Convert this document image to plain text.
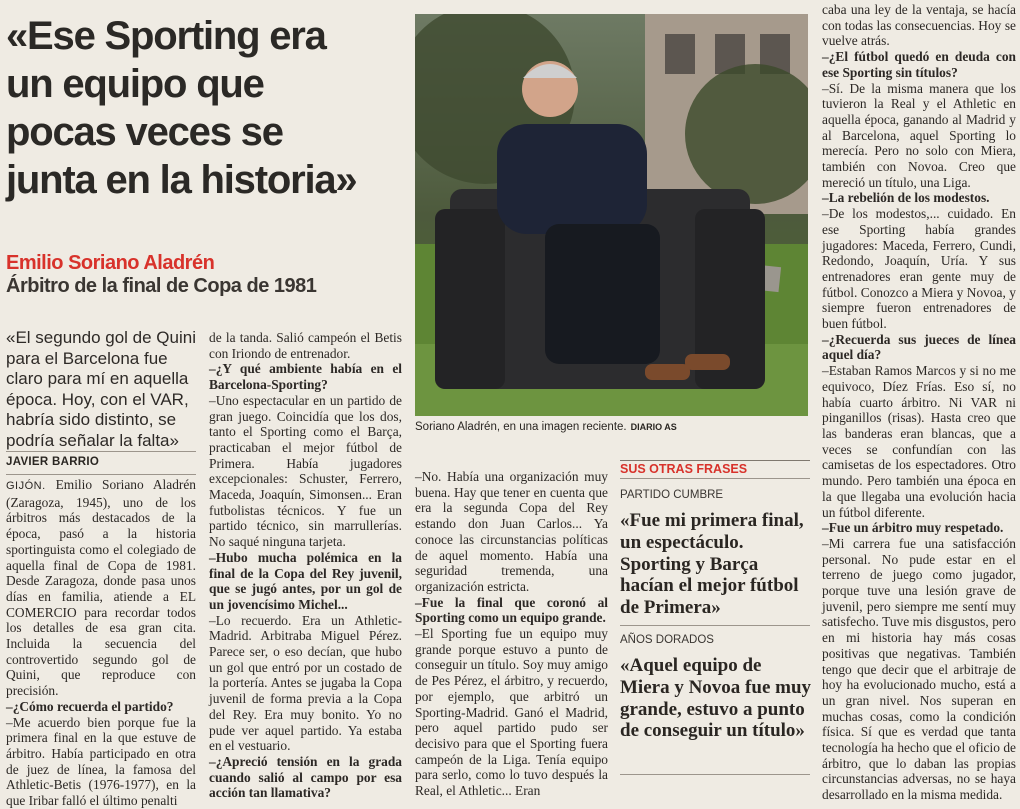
«Ese Sporting era
un equipo que
pocas veces se
junta en la historia»
Emilio Soriano Aladrén
Árbitro de la final de Copa de 1981
«El segundo gol de Quini para el Barcelona fue claro para mí en aquella época. Hoy, con el VAR, habría sido distinto, se podría señalar la falta»
JAVIER BARRIO

GIJÓN. Emilio Soriano Aladrén (Zaragoza, 1945), uno de los árbitros más destacados de la época, pasó a la historia sportinguista como el colegiado de aquella final de Copa de 1981. Desde Zaragoza, donde pasa unos días en familia, atiende a EL COMERCIO para recordar todos los detalles de esa gran cita. Incluida la secuencia del controvertido segundo gol de Quini, que reproduce con precisión.

–¿Cómo recuerda el partido?

–Me acuerdo bien porque fue la primera final en la que estuve de árbitro. Había participado en otra de juez de línea, la famosa del Athletic-Betis (1976-1977), en la que Iribar falló el último penalti

de la tanda. Salió campeón el Betis con Iriondo de entrenador.

–¿Y qué ambiente había en el Barcelona-Sporting?

–Uno espectacular en un partido de gran juego. Coincidía que los dos, tanto el Sporting como el Barça, practicaban el mejor fútbol de Primera. Había jugadores excepcionales: Schuster, Ferrero, Maceda, Joaquín, Simonsen... Eran futbolistas técnicos. Y fue un partido técnico, sin marrullerías. No saqué ninguna tarjeta.

–Hubo mucha polémica en la final de la Copa del Rey juvenil, que se jugó antes, por un gol de un jovencísimo Michel...

–Lo recuerdo. Era un Athletic-Madrid. Arbitraba Miguel Pérez. Parece ser, o eso decían, que hubo un gol que entró por un costado de la portería. Antes se jugaba la Copa juvenil de forma previa a la Copa del Rey. Era muy bonito. Yo no pude ver aquel partido. Ya estaba en el vestuario.

–¿Apreció tensión en la grada cuando salió al campo por esa acción tan llamativa?

–No. Había una organización muy buena. Hay que tener en cuenta que era la segunda Copa del Rey estando don Juan Carlos... Ya conoce las circunstancias políticas de aquel momento. Había una seguridad tremenda, una organización estricta.

–Fue la final que coronó al Sporting como un equipo grande.

–El Sporting fue un equipo muy grande porque estuvo a punto de conseguir un título. Soy muy amigo de Pes Pérez, el árbitro, y recuerdo, por ejemplo, que arbitró un Sporting-Madrid. Ganó el Madrid, pero aquel partido pudo ser decisivo para que el Sporting fuera campeón de la Liga. Tenía equipo para serlo, como lo tuvo después la Real, el Athletic... Eran

caba una ley de la ventaja, se hacía con todas las consecuencias. Hoy se vuelve atrás.

–¿El fútbol quedó en deuda con ese Sporting sin títulos?

–Sí. De la misma manera que los tuvieron la Real y el Athletic en aquella época, ganando al Madrid y al Barcelona, aquel Sporting lo merecía. Pero no solo con Miera, también con Novoa. Creo que mereció un título, una Liga.

–La rebelión de los modestos.

–De los modestos,... cuidado. En ese Sporting había grandes jugadores: Maceda, Ferrero, Cundi, Redondo, Joaquín, Uría. Y sus entrenadores eran gente muy de fútbol. Conozco a Miera y Novoa, y siempre fueron entrenadores de buen fútbol.

–¿Recuerda sus jueces de línea aquel día?

–Estaban Ramos Marcos y si no me equivoco, Díez Frías. Eso sí, no había cuarto árbitro. Ni VAR ni pinganillos (risas). Hasta creo que las banderas eran blancas, que a veces se confundían con las camisetas de los espectadores. Otro mundo. Pero también una época en la que llegaba una evolución hacia un fútbol diferente.

–Fue un árbitro muy respetado.

–Mi carrera fue una satisfacción personal. No pude estar en el terreno de juego como jugador, porque tuve una lesión grave de juvenil, pero siempre me sentí muy satisfecho. Tuve mis disgustos, pero en mi historia hay más cosas positivas que negativas. También tengo que decir que el arbitraje de hoy ha evolucionado mucho, está a un gran nivel. Nos superan en muchas cosas, como la condición física. Sí que es verdad que tanta tecnología ha hecho que el oficio de árbitro, que lo daban las propias circunstancias adversas, no se haya desarrollado en la misma medida.

Soriano Aladrén, en una imagen reciente. DIARIO AS
SUS OTRAS FRASES
PARTIDO CUMBRE
«Fue mi primera final, un espectáculo. Sporting y Barça hacían el mejor fútbol de Primera»
AÑOS DORADOS
«Aquel equipo de Miera y Novoa fue muy grande, estuvo a punto de conseguir un título»
